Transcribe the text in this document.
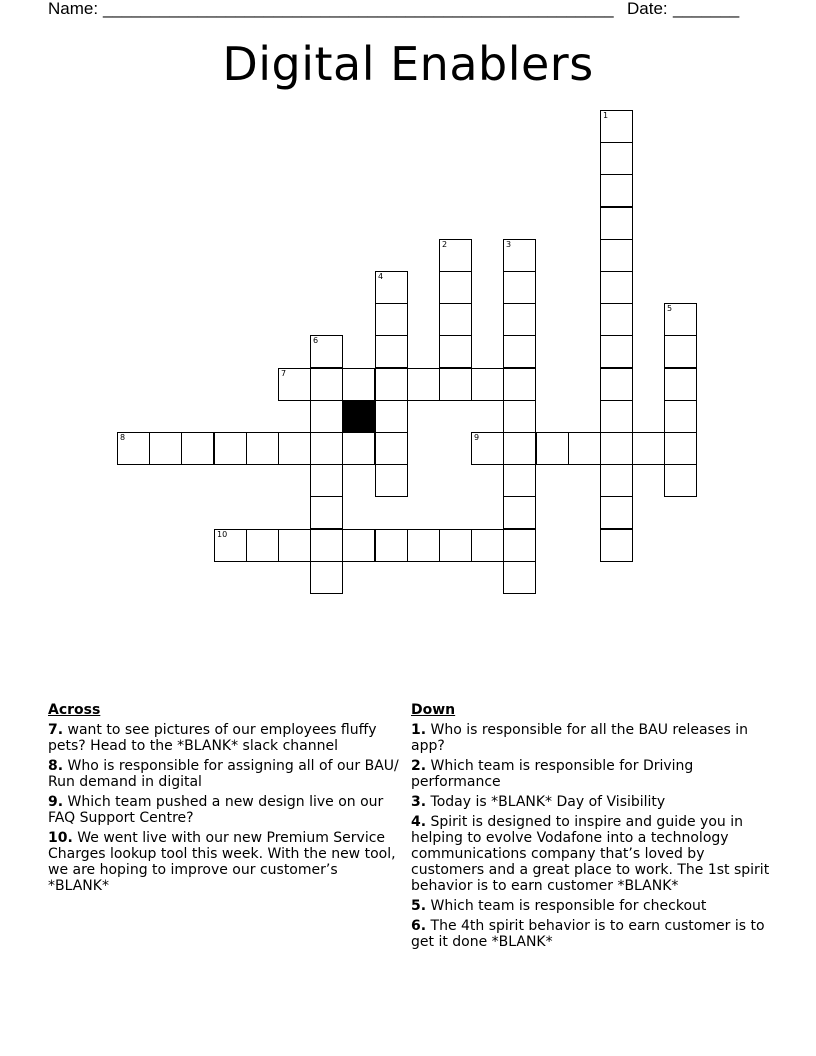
Name: ______________________________________________________ Date: _______
Digital Enablers
1
2	3
4
5
6
7
8	9
10
Across
7. want to see pictures of our employees fluffy pets? Head to the *BLANK* slack channel
8. Who is responsible for assigning all of our BAU/ Run demand in digital
9. Which team pushed a new design live on our FAQ Support Centre?
10. We went live with our new Premium Service Charges lookup tool this week. With the new tool, we are hoping to improve our customer’s *BLANK*
Down
1. Who is responsible for all the BAU releases in app?
2. Which team is responsible for Driving performance
3. Today is *BLANK* Day of Visibility
4. Spirit is designed to inspire and guide you in helping to evolve Vodafone into a technology communications company that’s loved by customers and a great place to work. The 1st spirit behavior is to earn customer *BLANK*
5. Which team is responsible for checkout
6. The 4th spirit behavior is to earn customer is to get it done *BLANK*
